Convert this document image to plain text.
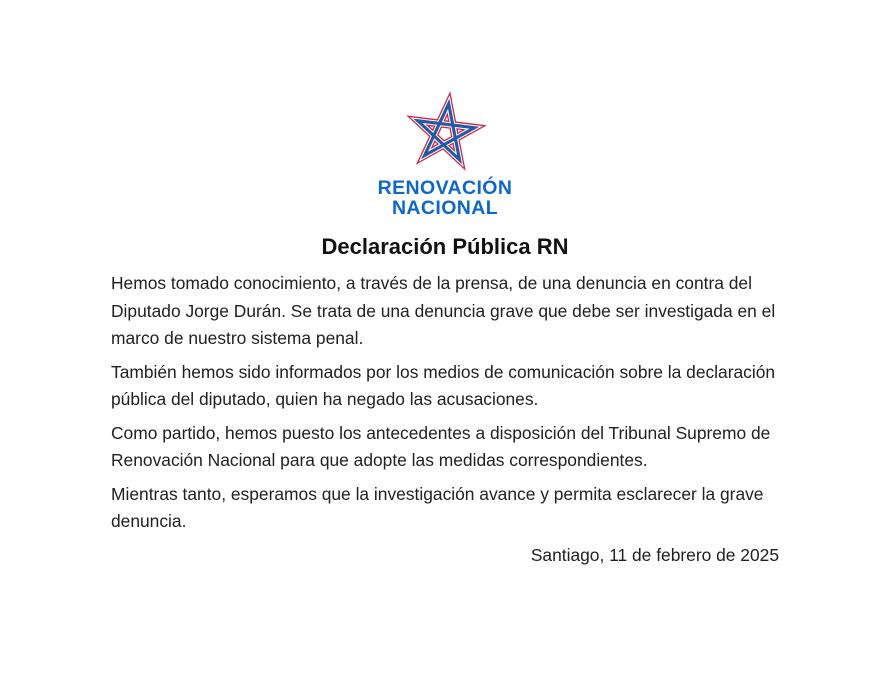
RENOVACIÓN
NACIONAL
Declaración Pública RN

Hemos tomado conocimiento, a través de la prensa, de una denuncia en contra del Diputado Jorge Durán. Se trata de una denuncia grave que debe ser investigada en el marco de nuestro sistema penal.

También hemos sido informados por los medios de comunicación sobre la declaración pública del diputado, quien ha negado las acusaciones.

Como partido, hemos puesto los antecedentes a disposición del Tribunal Supremo de Renovación Nacional para que adopte las medidas correspondientes.

Mientras tanto, esperamos que la investigación avance y permita esclarecer la grave denuncia.

Santiago, 11 de febrero de 2025
